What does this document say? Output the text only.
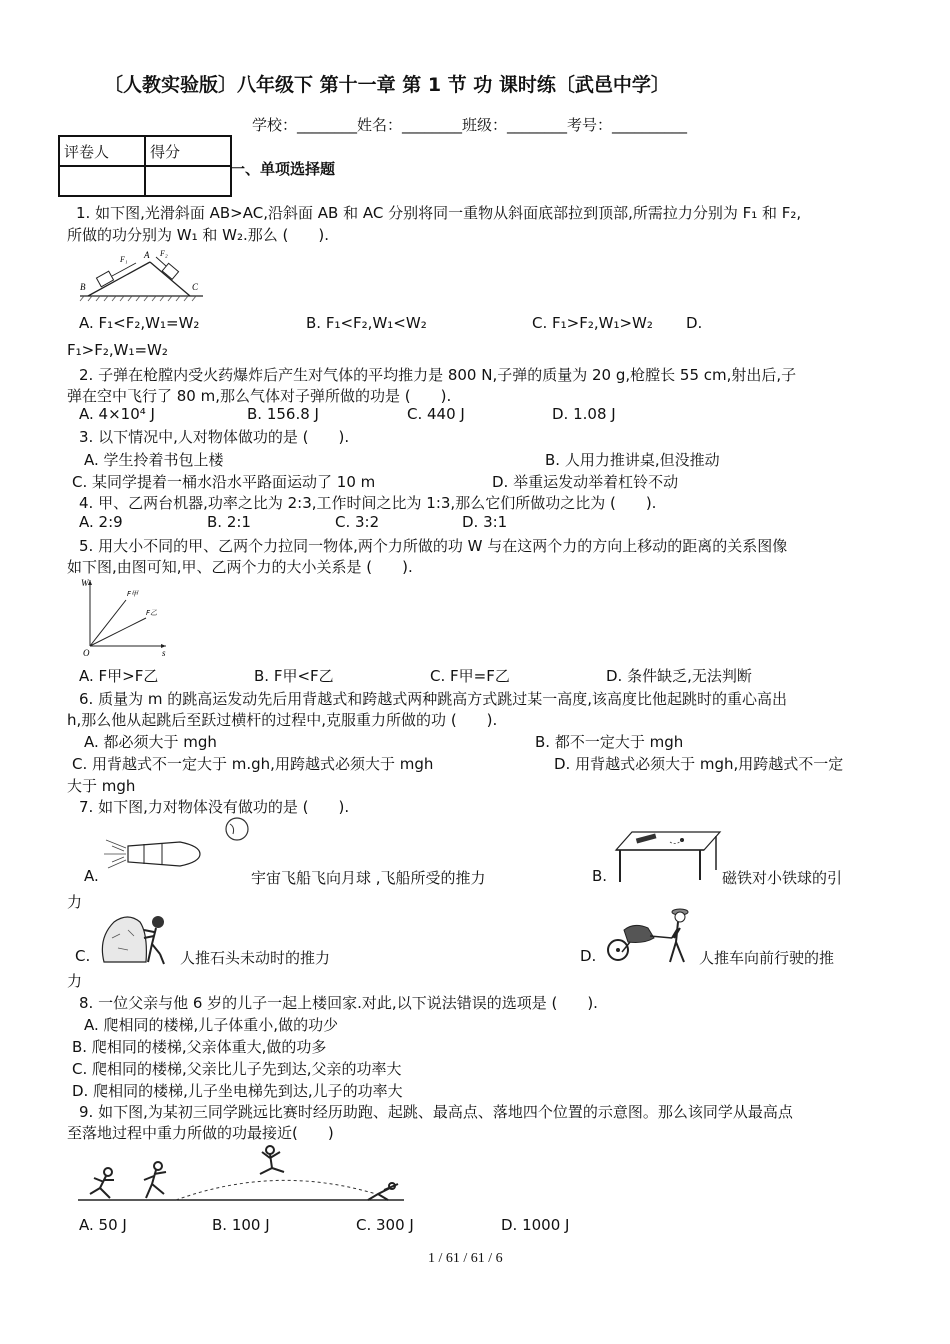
〔人教实验版〕八年级下 第十一章 第 1 节 功 课时练〔武邑中学〕
学校：________姓名：________班级：________考号：__________
评卷人	得分

一、单项选择题
1. 如下图,光滑斜面 AB>AC,沿斜面 AB 和 AC 分别将同一重物从斜面底部拉到顶部,所需拉力分别为 F₁ 和 F₂,
所做的功分别为 W₁ 和 W₂.那么 (　　).
B
A
C
F₁
F₂
A. F₁<F₂,W₁=W₂	B. F₁<F₂,W₁<W₂	C. F₁>F₂,W₁>W₂ D.
F₁>F₂,W₁=W₂
2. 子弹在枪膛内受火药爆炸后产生对气体的平均推力是 800 N,子弹的质量为 20 g,枪膛长 55 cm,射出后,子
弹在空中飞行了 80 m,那么气体对子弹所做的功是 (　　).
A. 4×10⁴ J	B. 156.8 J	C. 440 J	D. 1.08 J
3. 以下情况中,人对物体做功的是 (　　).
A. 学生拎着书包上楼	B. 人用力推讲桌,但没推动
C. 某同学提着一桶水沿水平路面运动了 10 m	D. 举重运发动举着杠铃不动
4. 甲、乙两台机器,功率之比为 2:3,工作时间之比为 1:3,那么它们所做功之比为 (　　).
A. 2:9	B. 2:1	C. 3:2	D. 3:1
5. 用大小不同的甲、乙两个力拉同一物体,两个力所做的功 W 与在这两个力的方向上移动的距离的关系图像
如下图,由图可知,甲、乙两个力的大小关系是 (　　).
W
s
O
F甲
F乙
A. F甲>F乙	B. F甲<F乙	C. F甲=F乙	D. 条件缺乏,无法判断
6. 质量为 m 的跳高运发动先后用背越式和跨越式两种跳高方式跳过某一高度,该高度比他起跳时的重心高出
h,那么他从起跳后至跃过横杆的过程中,克服重力所做的功 (　　).
A. 都必须大于 mgh	B. 都不一定大于 mgh
C. 用背越式不一定大于 m.gh,用跨越式必须大于 mgh	D. 用背越式必须大于 mgh,用跨越式不一定
大于 mgh
7. 如下图,力对物体没有做功的是 (　　).
A.	宇宙飞船飞向月球 ,飞船所受的推力	B.	磁铁对小铁球的引
力
C.	人推石头未动时的推力	D.	人推车向前行驶的推
力
8. 一位父亲与他 6 岁的儿子一起上楼回家.对此,以下说法错误的选项是 (　　).
A. 爬相同的楼梯,儿子体重小,做的功少
B. 爬相同的楼梯,父亲体重大,做的功多
C. 爬相同的楼梯,父亲比儿子先到达,父亲的功率大
D. 爬相同的楼梯,儿子坐电梯先到达,儿子的功率大
9. 如下图,为某初三同学跳远比赛时经历助跑、起跳、最高点、落地四个位置的示意图。那么该同学从最高点
至落地过程中重力所做的功最接近(　　)
A. 50 J	B. 100 J	C. 300 J	D. 1000 J
1 / 61 / 61 / 6
